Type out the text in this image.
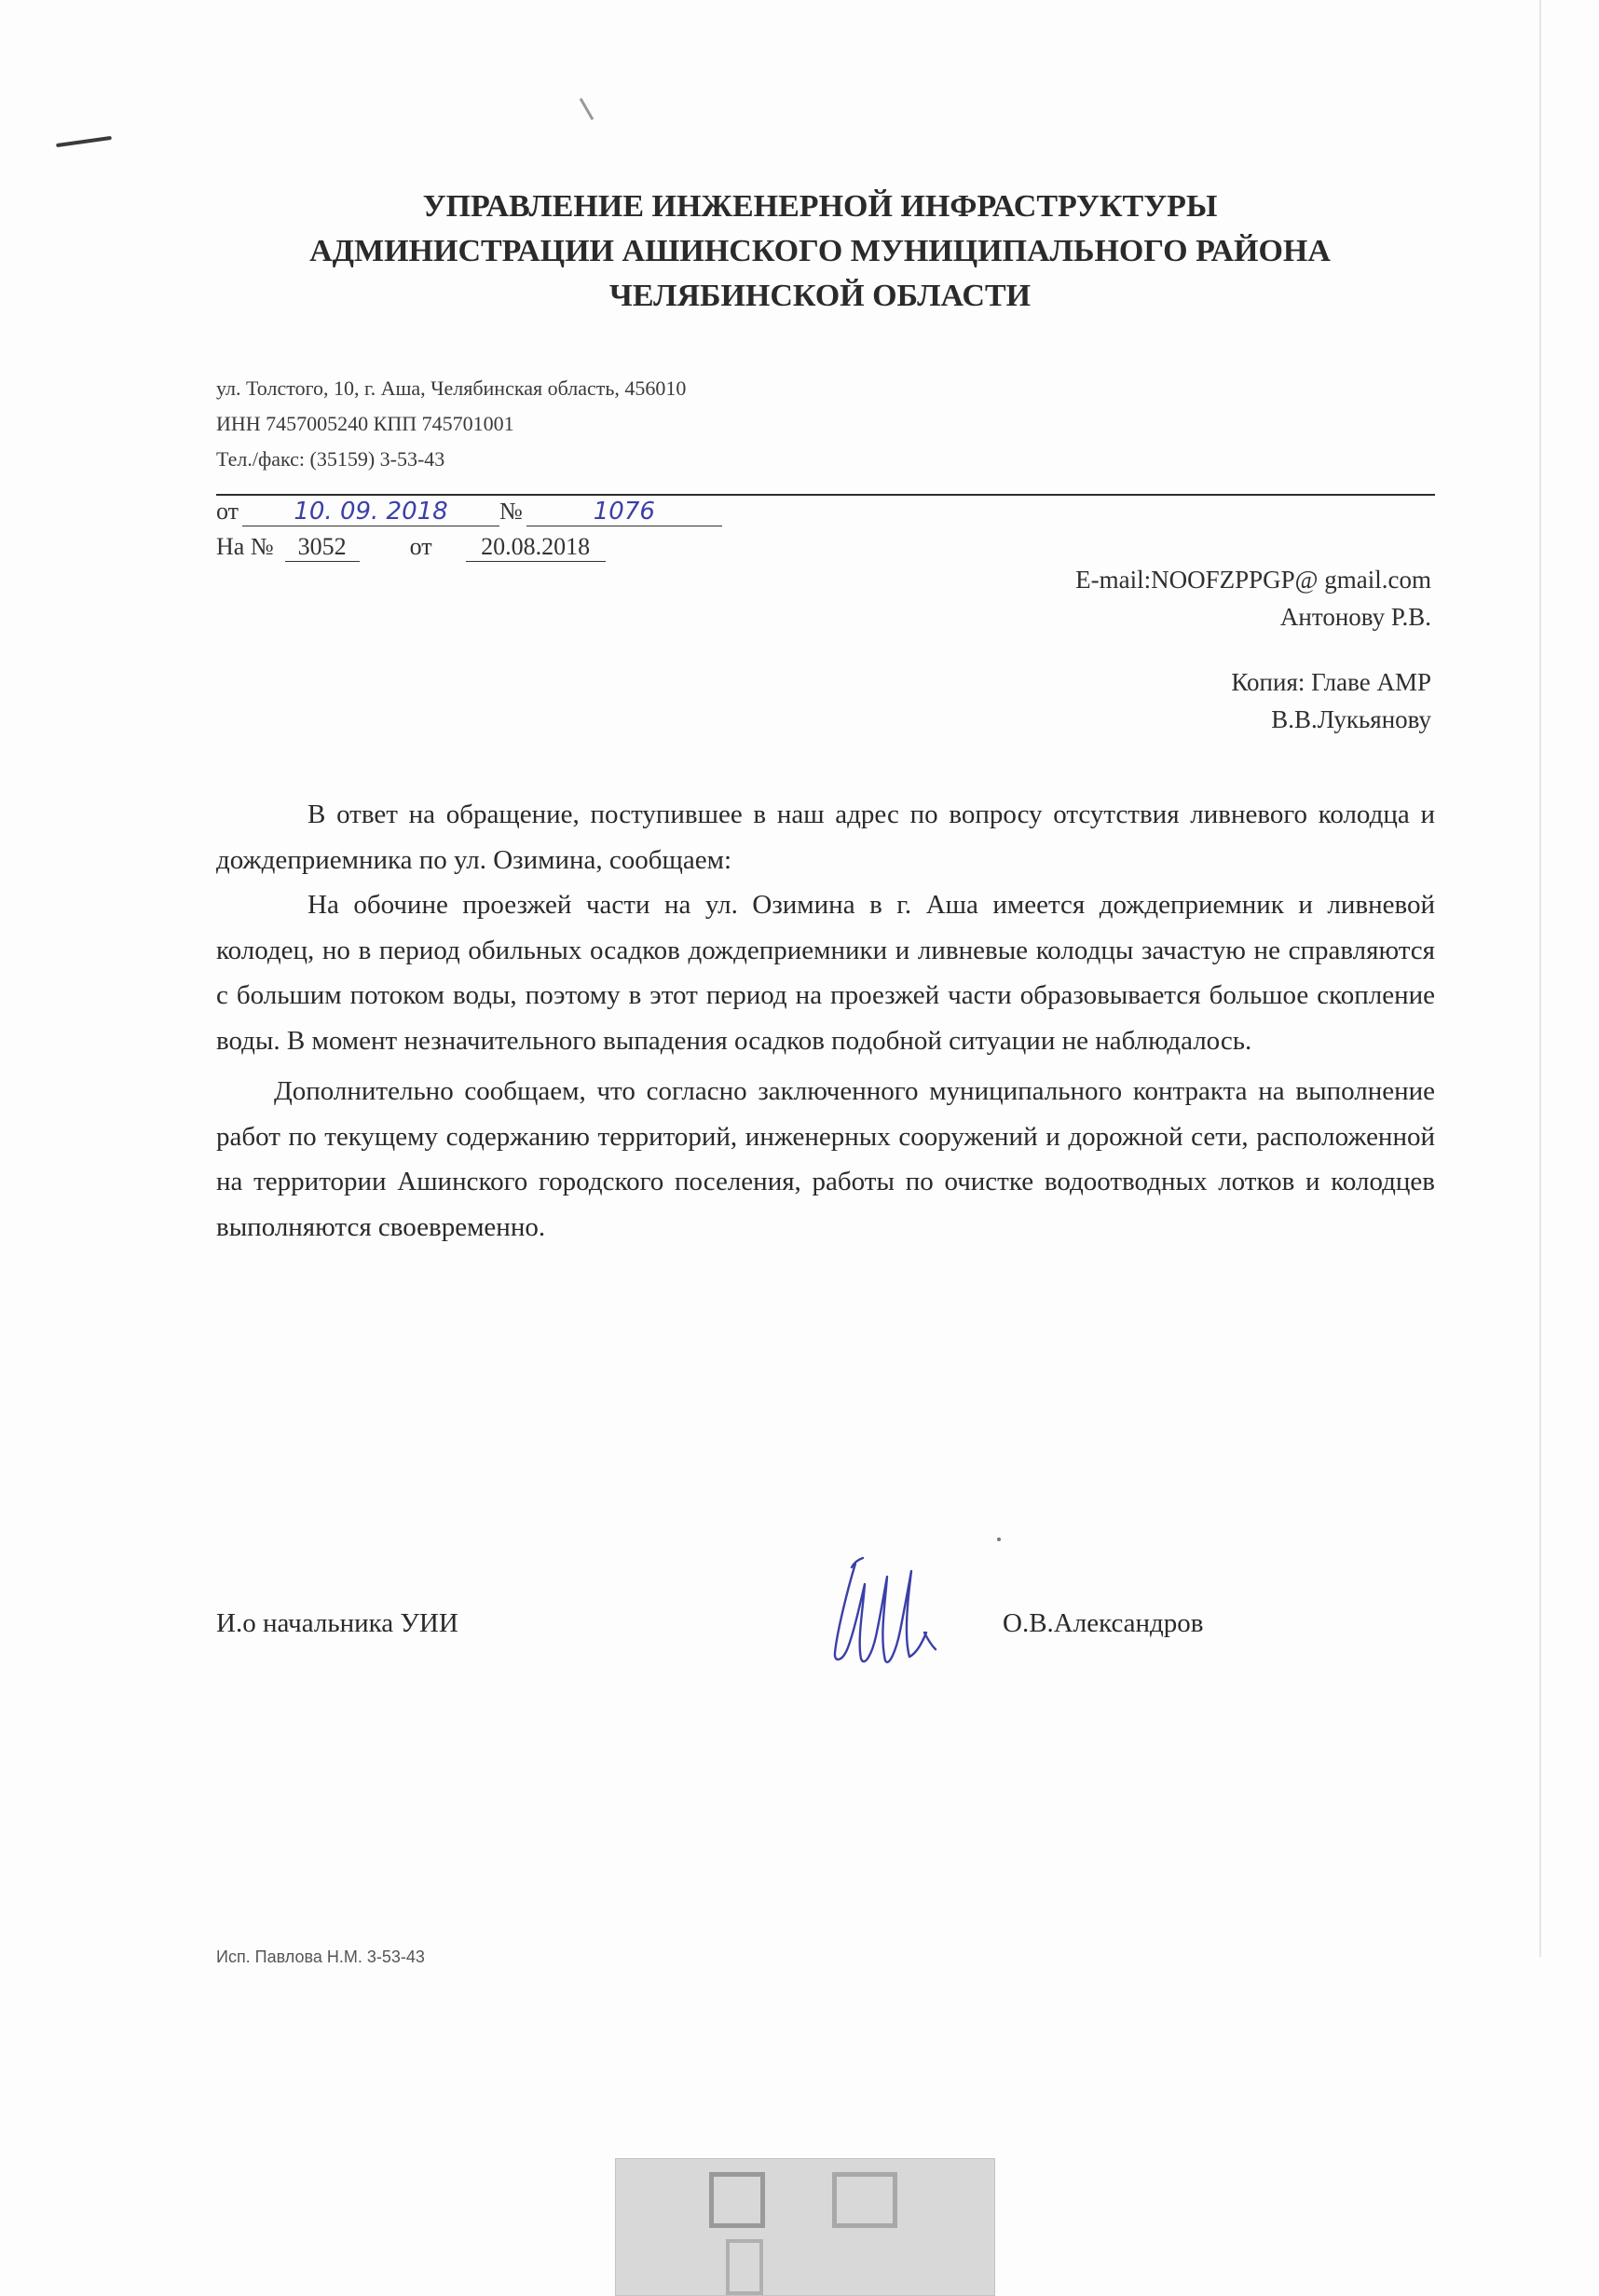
УПРАВЛЕНИЕ ИНЖЕНЕРНОЙ ИНФРАСТРУКТУРЫ
АДМИНИСТРАЦИИ АШИНСКОГО МУНИЦИПАЛЬНОГО РАЙОНА
ЧЕЛЯБИНСКОЙ ОБЛАСТИ
ул. Толстого, 10, г. Аша, Челябинская область, 456010
ИНН 7457005240 КПП 745701001
Тел./факс: (35159) 3-53-43
от 10. 09. 2018 №	1076
На № 3052	от 20.08.2018
E-mail:NOOFZPPGP@ gmail.com
Антонову Р.В.
Копия: Главе АМР
В.В.Лукьянову

В ответ на обращение, поступившее в наш адрес по вопросу отсутствия ливневого колодца и дождеприемника по ул. Озимина, сообщаем:

На обочине проезжей части на ул. Озимина в г. Аша имеется дождеприемник и ливневой колодец, но в период обильных осадков дождеприемники и ливневые колодцы зачастую не справляются с большим потоком воды, поэтому в этот период на проезжей части образовывается большое скопление воды. В момент незначительного выпадения осадков подобной ситуации не наблюдалось.

Дополнительно сообщаем, что согласно заключенного муниципального контракта на выполнение работ по текущему содержанию территорий, инженерных сооружений и дорожной сети, расположенной на территории Ашинского городского поселения, работы по очистке водоотводных лотков и колодцев выполняются своевременно.

И.о начальника УИИ	О.В.Александров
Исп. Павлова Н.М. 3-53-43
